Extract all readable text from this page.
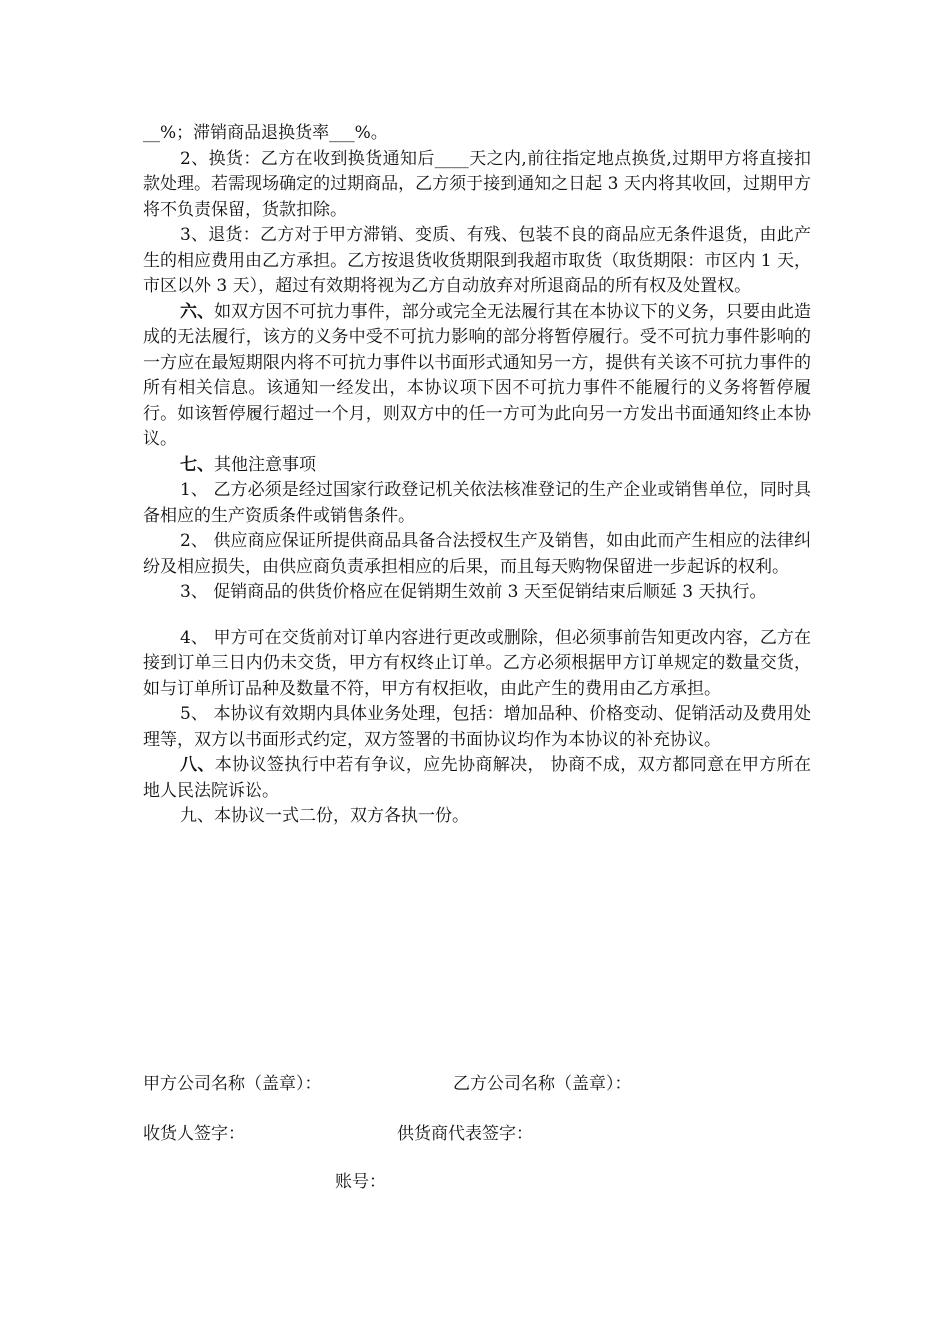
__%；滞销商品退换货率___%。

2、换货：乙方在收到换货通知后____天之内,前往指定地点换货,过期甲方将直接扣款处理。若需现场确定的过期商品，乙方须于接到通知之日起 3 天内将其收回，过期甲方将不负责保留，货款扣除。

3、退货：乙方对于甲方滞销、变质、有残、包装不良的商品应无条件退货，由此产 生的相应费用由乙方承担。乙方按退货收货期限到我超市取货（取货期限：市区内 1 天，市区以外 3 天），超过有效期将视为乙方自动放弃对所退商品的所有权及处置权。

六、如双方因不可抗力事件，部分或完全无法履行其在本协议下的义务，只要由此造成的无法履行，该方的义务中受不可抗力影响的部分将暂停履行。受不可抗力事件影响的一方应在最短期限内将不可抗力事件以书面形式通知另一方，提供有关该不可抗力事件的所有相关信息。该通知一经发出，本协议项下因不可抗力事件不能履行的义务将暂停履行。如该暂停履行超过一个月，则双方中的任一方可为此向另一方发出书面通知终止本协议。

七、其他注意事项

1、 乙方必须是经过国家行政登记机关依法核准登记的生产企业或销售单位，同时具备相应的生产资质条件或销售条件。

2、 供应商应保证所提供商品具备合法授权生产及销售，如由此而产生相应的法律纠纷及相应损失，由供应商负责承担相应的后果，而且每天购物保留进一步起诉的权利。

3、 促销商品的供货价格应在促销期生效前 3 天至促销结束后顺延 3 天执行。

4、 甲方可在交货前对订单内容进行更改或删除，但必须事前告知更改内容，乙方在接到订单三日内仍未交货，甲方有权终止订单。乙方必须根据甲方订单规定的数量交货，如与订单所订品种及数量不符，甲方有权拒收，由此产生的费用由乙方承担。

5、 本协议有效期内具体业务处理，包括：增加品种、价格变动、促销活动及费用处理等，双方以书面形式约定，双方签署的书面协议均作为本协议的补充协议。

八、本协议签执行中若有争议，应先协商解决， 协商不成，双方都同意在甲方所在地人民法院诉讼。

九、本协议一式二份，双方各执一份。

甲方公司名称（盖章）：	乙方公司名称（盖章）：
收货人签字：	供货商代表签字：
账号：
